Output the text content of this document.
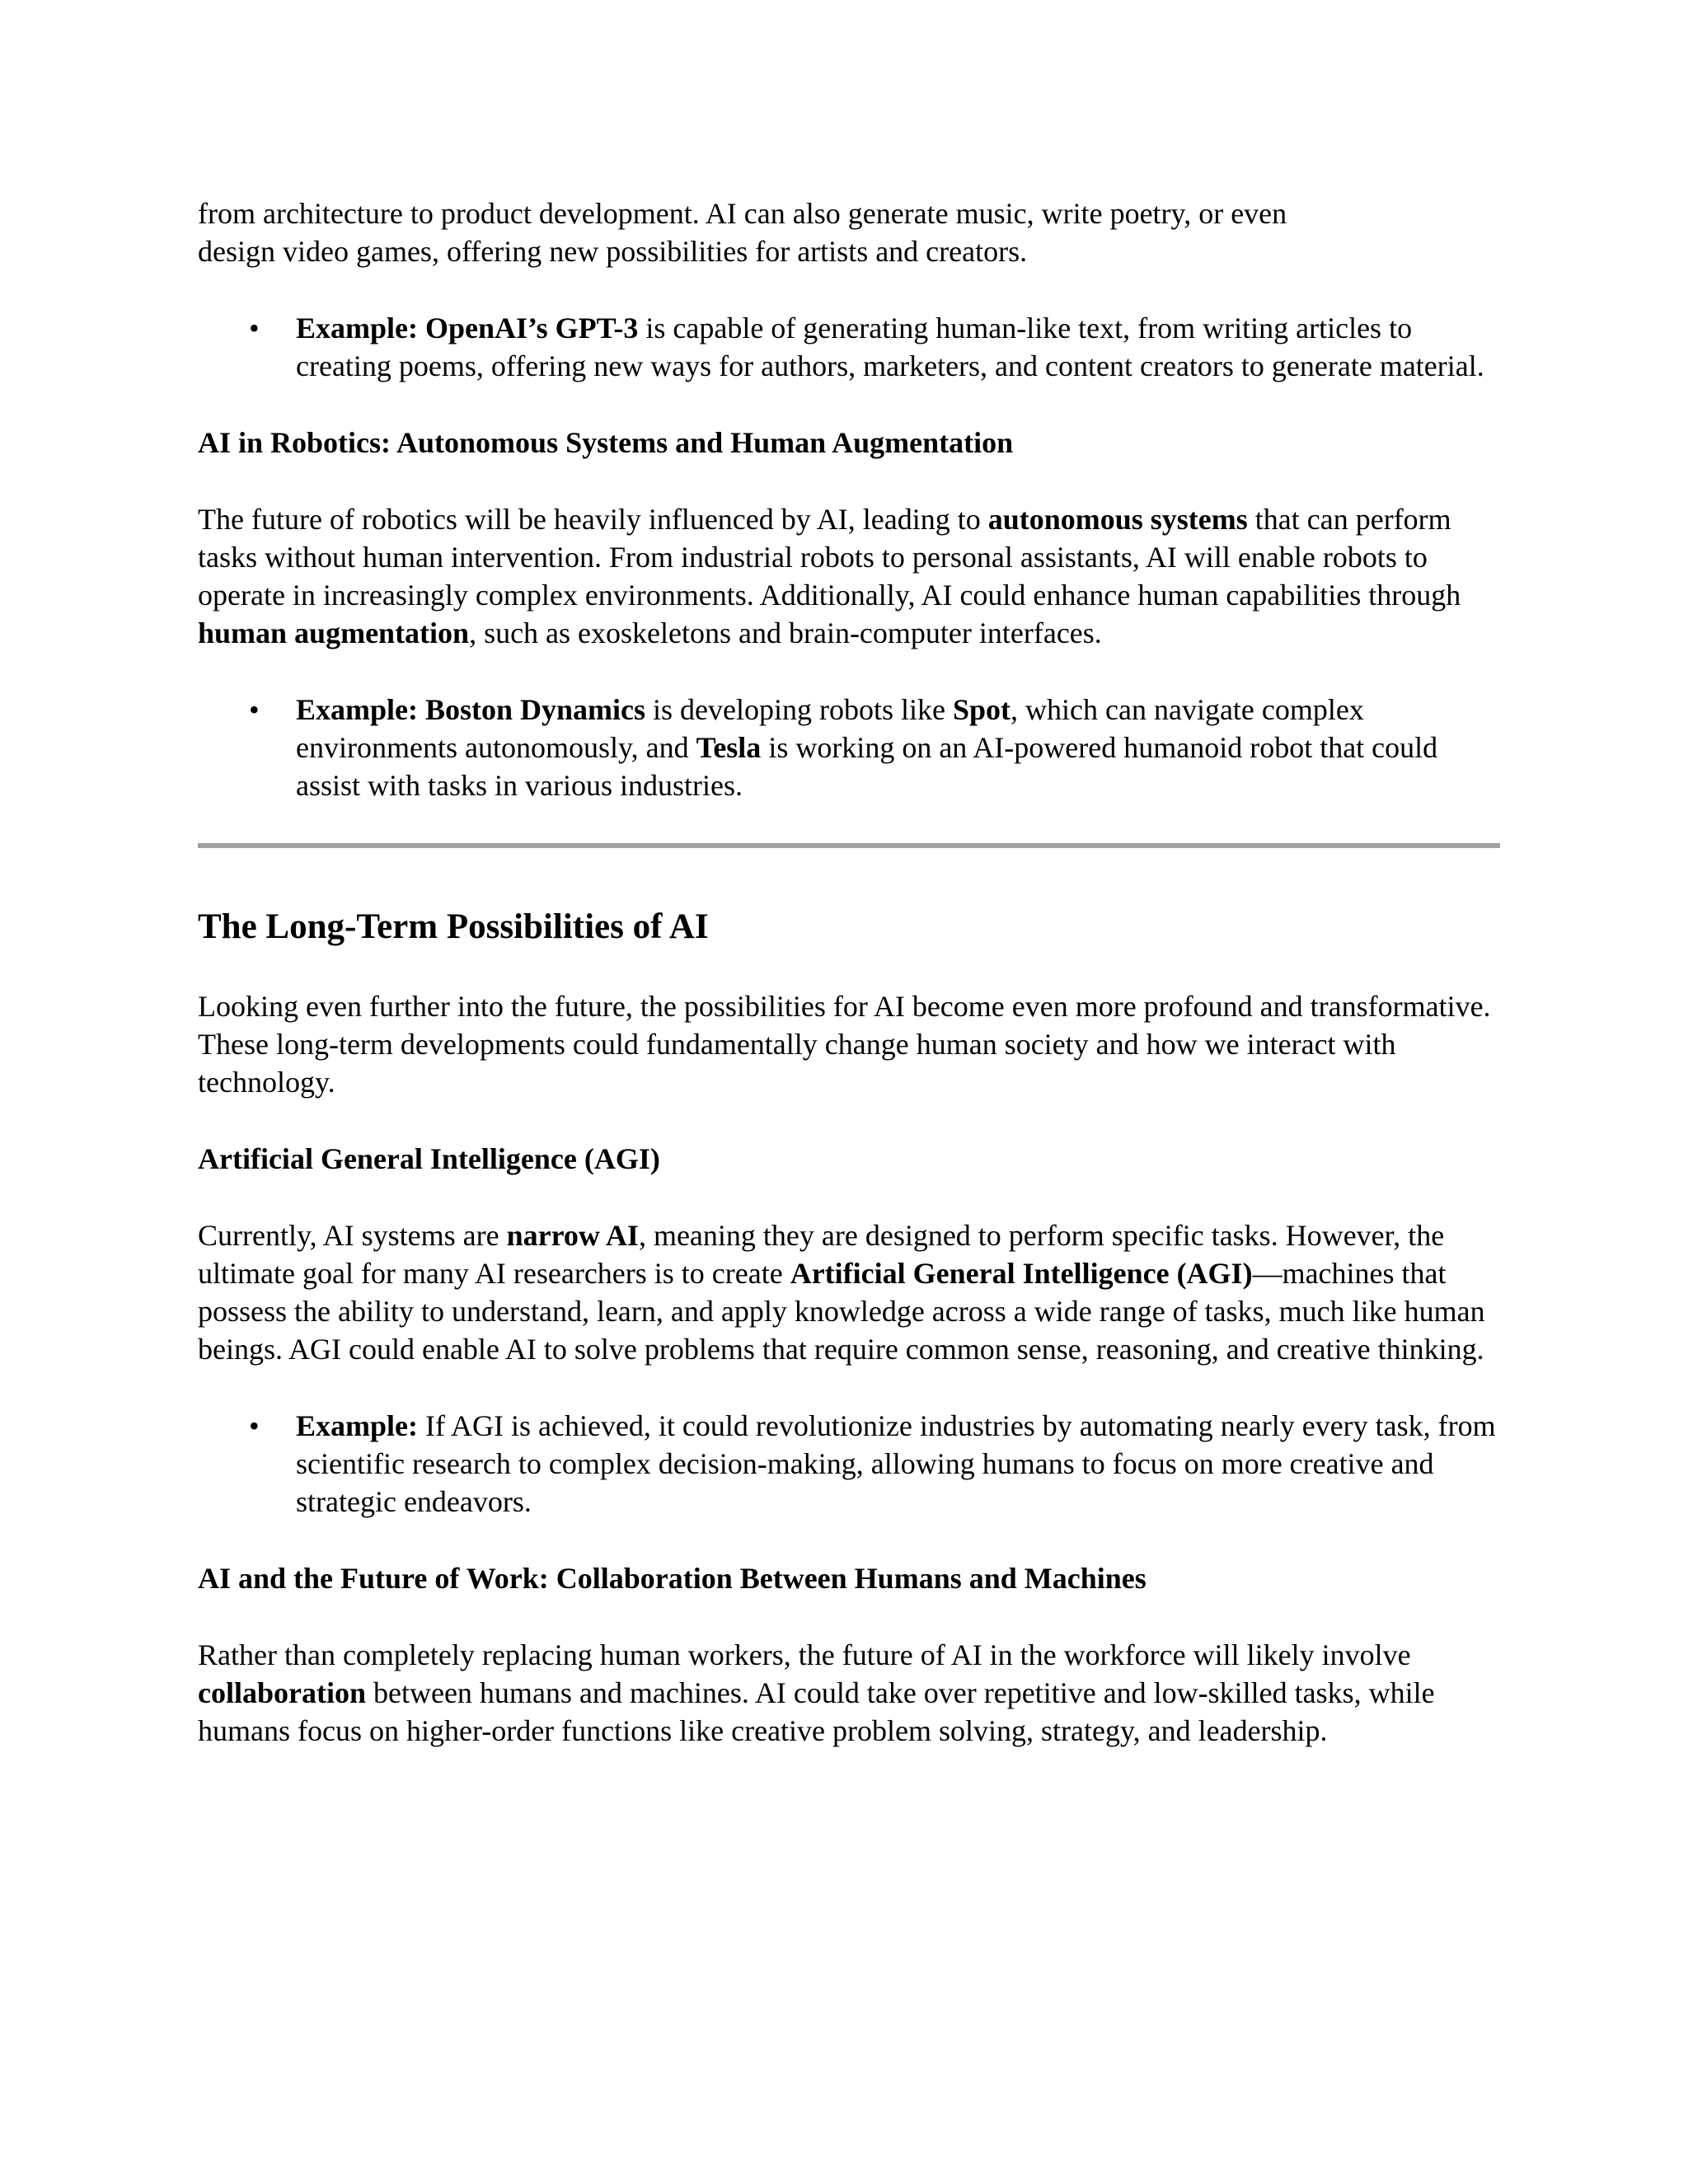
from architecture to product development. AI can also generate music, write poetry, or even
design video games, offering new possibilities for artists and creators.

• Example: OpenAI’s GPT-3 is capable of generating human-like text, from writing articles to creating poems, offering new ways for authors, marketers, and content creators to generate material.

AI in Robotics: Autonomous Systems and Human Augmentation

The future of robotics will be heavily influenced by AI, leading to autonomous systems that can perform tasks without human intervention. From industrial robots to personal assistants, AI will enable robots to operate in increasingly complex environments. Additionally, AI could enhance human capabilities through human augmentation, such as exoskeletons and brain-computer interfaces.

• Example: Boston Dynamics is developing robots like Spot, which can navigate complex environments autonomously, and Tesla is working on an AI-powered humanoid robot that could assist with tasks in various industries.
The Long-Term Possibilities of AI

Looking even further into the future, the possibilities for AI become even more profound and transformative. These long-term developments could fundamentally change human society and how we interact with technology.

Artificial General Intelligence (AGI)

Currently, AI systems are narrow AI, meaning they are designed to perform specific tasks. However, the ultimate goal for many AI researchers is to create Artificial General Intelligence (AGI)—machines that possess the ability to understand, learn, and apply knowledge across a wide range of tasks, much like human beings. AGI could enable AI to solve problems that require common sense, reasoning, and creative thinking.

• Example: If AGI is achieved, it could revolutionize industries by automating nearly every task, from scientific research to complex decision-making, allowing humans to focus on more creative and strategic endeavors.

AI and the Future of Work: Collaboration Between Humans and Machines

Rather than completely replacing human workers, the future of AI in the workforce will likely involve collaboration between humans and machines. AI could take over repetitive and low-skilled tasks, while humans focus on higher-order functions like creative problem solving, strategy, and leadership.
